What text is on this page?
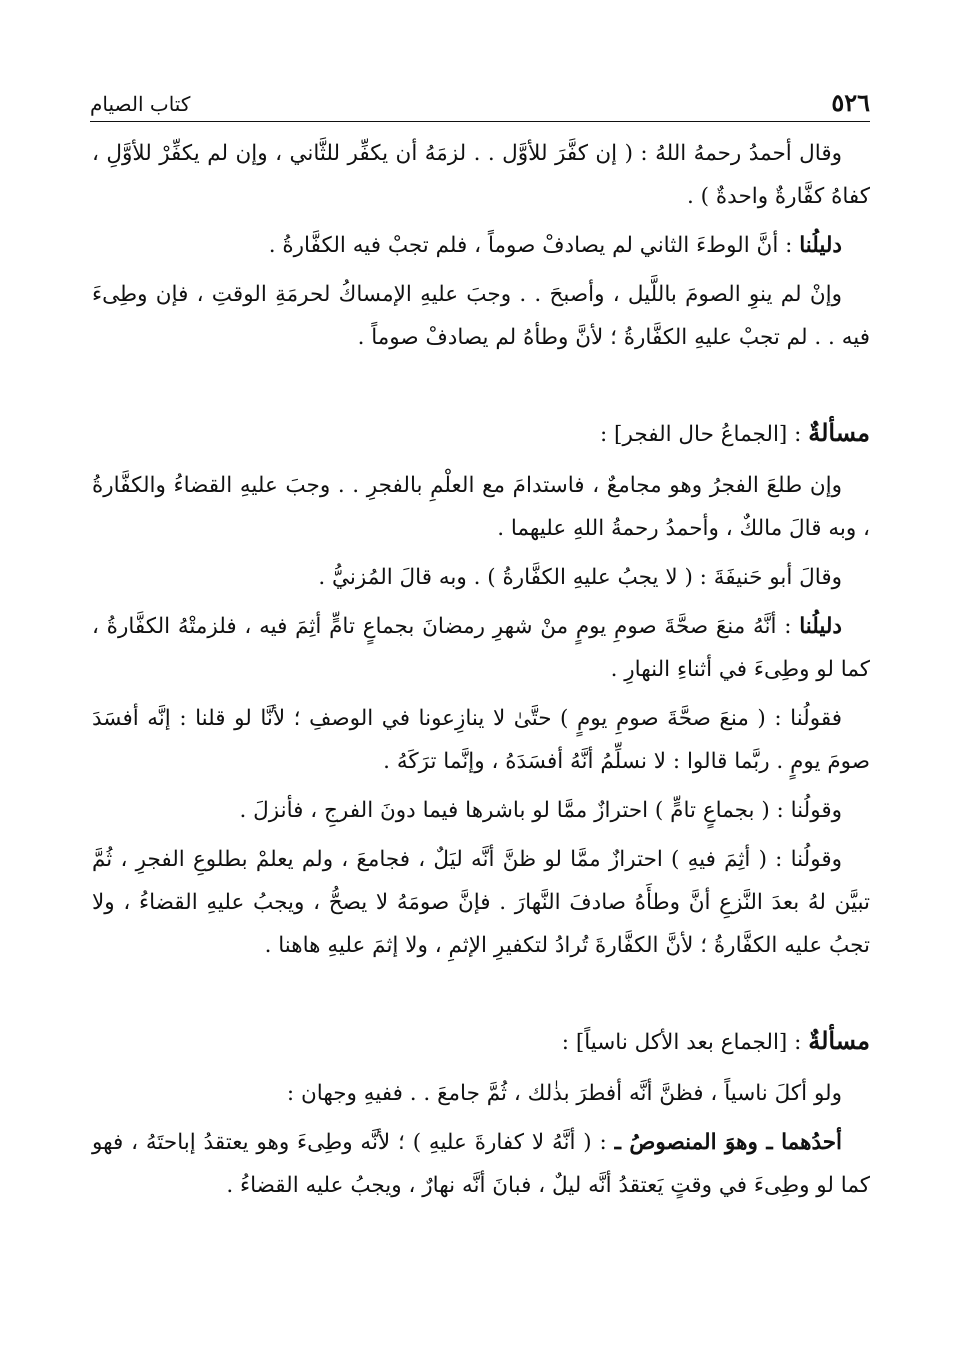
٥٢٦
كتاب الصيام

وقال أحمدُ رحمهُ اللهُ : ( إن كفَّرَ للأوَّل . . لزمَهُ أن يكفِّر للثَّاني ، وإن لم يكفِّرْ للأوَّلِ ، كفاهُ كفَّارةٌ واحدةٌ ) .

دليلُنا : أنَّ الوطءَ الثاني لم يصادفْ صوماً ، فلم تجبْ فيه الكفَّارةُ .

وإنْ لم ينوِ الصومَ باللَّيل ، وأصبحَ . . وجبَ عليهِ الإمساكُ لحرمَةِ الوقتِ ، فإن وطِىءَ فيه . . لم تجبْ عليهِ الكفَّارةُ ؛ لأنَّ وطأهُ لم يصادفْ صوماً .

مسألةٌ : [الجماعُ حال الفجر] :

وإن طلعَ الفجرُ وهو مجامعٌ ، فاستدامَ مع العلْمِ بالفجرِ . . وجبَ عليهِ القضاءُ والكفَّارةُ ، وبه قالَ مالكٌ ، وأحمدُ رحمةُ اللهِ عليهما .

وقالَ أبو حَنيفَةَ : ( لا يجبُ عليهِ الكفَّارةُ ) . وبه قالَ المُزنيُّ .

دليلُنا : أنَّهُ منعَ صحَّةَ صومِ يومٍ منْ شهرِ رمضانَ بجماعٍ تامٍّ أثِمَ فيه ، فلزمتْهُ الكفَّارةُ ، كما لو وطِىءَ في أثناءِ النهارِ .

فقولُنا : ( منعَ صحَّةَ صومِ يومٍ ) حتَّىٰ لا ينازِعونا في الوصفِ ؛ لأنَّا لو قلنا : إنَّه أفسَدَ صومَ يومٍ . ربَّما قالوا : لا نسلِّمُ أنَّهُ أفسَدَهُ ، وإنَّما ترَكَهُ .

وقولُنا : ( بجماعٍ تامٍّ ) احترازٌ ممَّا لو باشرها فيما دونَ الفرجِ ، فأنزلَ .

وقولُنا : ( أثِمَ فيهِ ) احترازٌ ممَّا لو ظنَّ أنَّه ليَلٌ ، فجامعَ ، ولم يعلمْ بطلوعِ الفجرِ ، ثُمَّ تبيَّن لهُ بعدَ النَّزعِ أنَّ وطأَهُ صادفَ النَّهارَ . فإنَّ صومَهُ لا يصحُّ ، ويجبُ عليهِ القضاءُ ، ولا تجبُ عليه الكفَّارةُ ؛ لأنَّ الكفَّارةَ تُرادُ لتكفيرِ الإثمِ ، ولا إثمَ عليهِ هاهنا .

مسألةٌ : [الجماع بعد الأكل ناسياً] :

ولو أكلَ ناسياً ، فظنَّ أنَّه أفطرَ بذٰلك ، ثُمَّ جامعَ . . ففيهِ وجهان :

أحدُهما ـ وهوَ المنصوصُ ـ : ( أنَّهُ لا كفارةَ عليهِ ) ؛ لأنَّه وطِىءَ وهو يعتقدُ إباحتَهُ ، فهو كما لو وطِىءَ في وقتٍ يَعتقدُ أنَّه ليلٌ ، فبانَ أنَّه نهارٌ ، ويجبُ عليه القضاءُ .
